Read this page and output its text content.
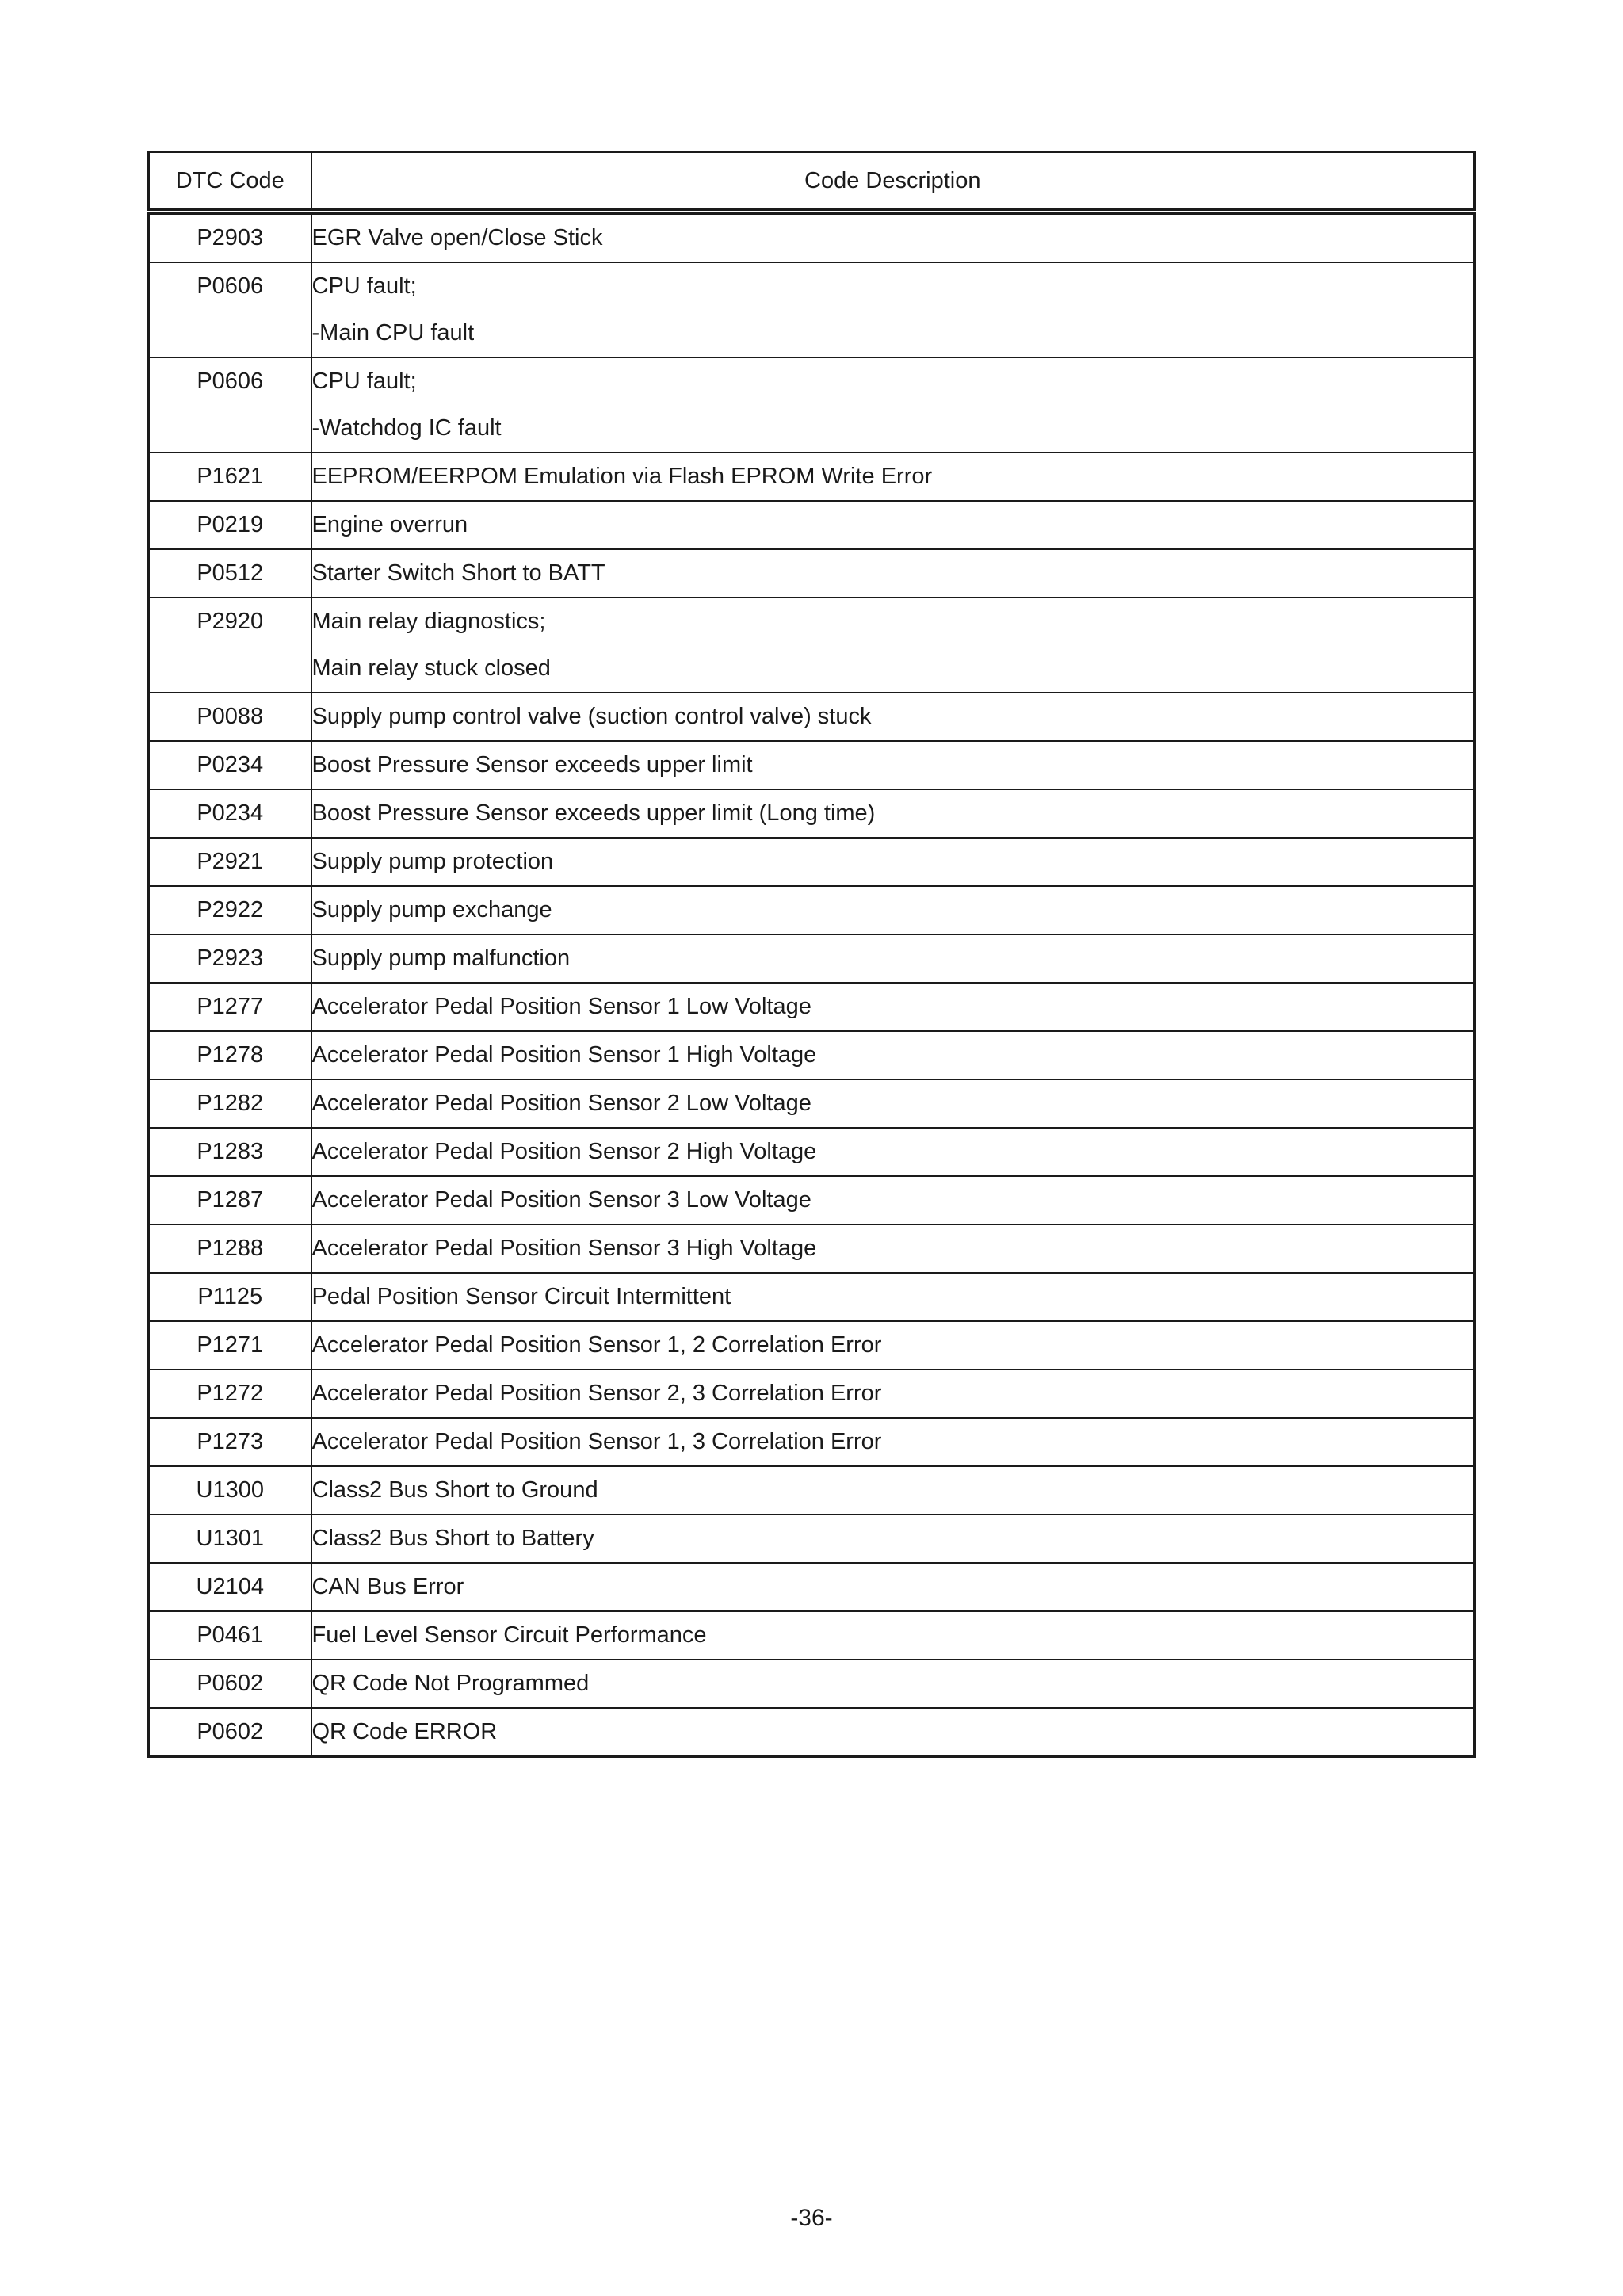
DTC Code	Code Description
P2903	EGR Valve open/Close Stick

P0606	CPU fault;
-Main CPU fault

P0606	CPU fault;
-Watchdog IC fault

P1621	EEPROM/EERPOM Emulation via Flash EPROM Write Error

P0219	Engine overrun

P0512	Starter Switch Short to BATT

P2920	Main relay diagnostics;
Main relay stuck closed

P0088	Supply pump control valve (suction control valve) stuck

P0234	Boost Pressure Sensor exceeds upper limit

P0234	Boost Pressure Sensor exceeds upper limit (Long time)

P2921	Supply pump protection

P2922	Supply pump exchange

P2923	Supply pump malfunction

P1277	Accelerator Pedal Position Sensor 1 Low Voltage

P1278	Accelerator Pedal Position Sensor 1 High Voltage

P1282	Accelerator Pedal Position Sensor 2 Low Voltage

P1283	Accelerator Pedal Position Sensor 2 High Voltage

P1287	Accelerator Pedal Position Sensor 3 Low Voltage

P1288	Accelerator Pedal Position Sensor 3 High Voltage

P1125	Pedal Position Sensor Circuit Intermittent

P1271	Accelerator Pedal Position Sensor 1, 2 Correlation Error

P1272	Accelerator Pedal Position Sensor 2, 3 Correlation Error

P1273	Accelerator Pedal Position Sensor 1, 3 Correlation Error

U1300	Class2 Bus Short to Ground

U1301	Class2 Bus Short to Battery

U2104	CAN Bus Error

P0461	Fuel Level Sensor Circuit Performance

P0602	QR Code Not Programmed

P0602	QR Code ERROR
-36-
